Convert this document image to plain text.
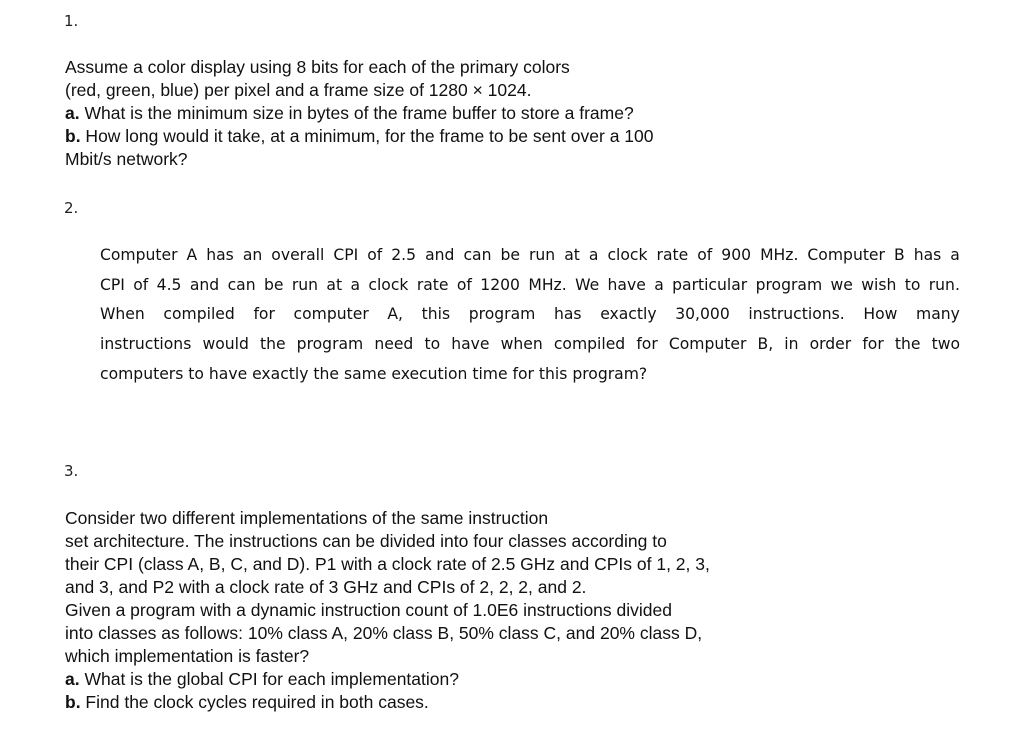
1.
Assume a color display using 8 bits for each of the primary colors
(red, green, blue) per pixel and a frame size of 1280 × 1024.
a. What is the minimum size in bytes of the frame buffer to store a frame?
b. How long would it take, at a minimum, for the frame to be sent over a 100
Mbit/s network?
2.
Computer A has an overall CPI of 2.5 and can be run at a clock rate of 900 MHz. Computer B has a
CPI of 4.5 and can be run at a clock rate of 1200 MHz. We have a particular program we wish to run.
When compiled for computer A, this program has exactly 30,000 instructions. How many
instructions would the program need to have when compiled for Computer B, in order for the two
computers to have exactly the same execution time for this program?
3.
Consider two different implementations of the same instruction
set architecture. The instructions can be divided into four classes according to
their CPI (class A, B, C, and D). P1 with a clock rate of 2.5 GHz and CPIs of 1, 2, 3,
and 3, and P2 with a clock rate of 3 GHz and CPIs of 2, 2, 2, and 2.
Given a program with a dynamic instruction count of 1.0E6 instructions divided
into classes as follows: 10% class A, 20% class B, 50% class C, and 20% class D,
which implementation is faster?
a. What is the global CPI for each implementation?
b. Find the clock cycles required in both cases.
